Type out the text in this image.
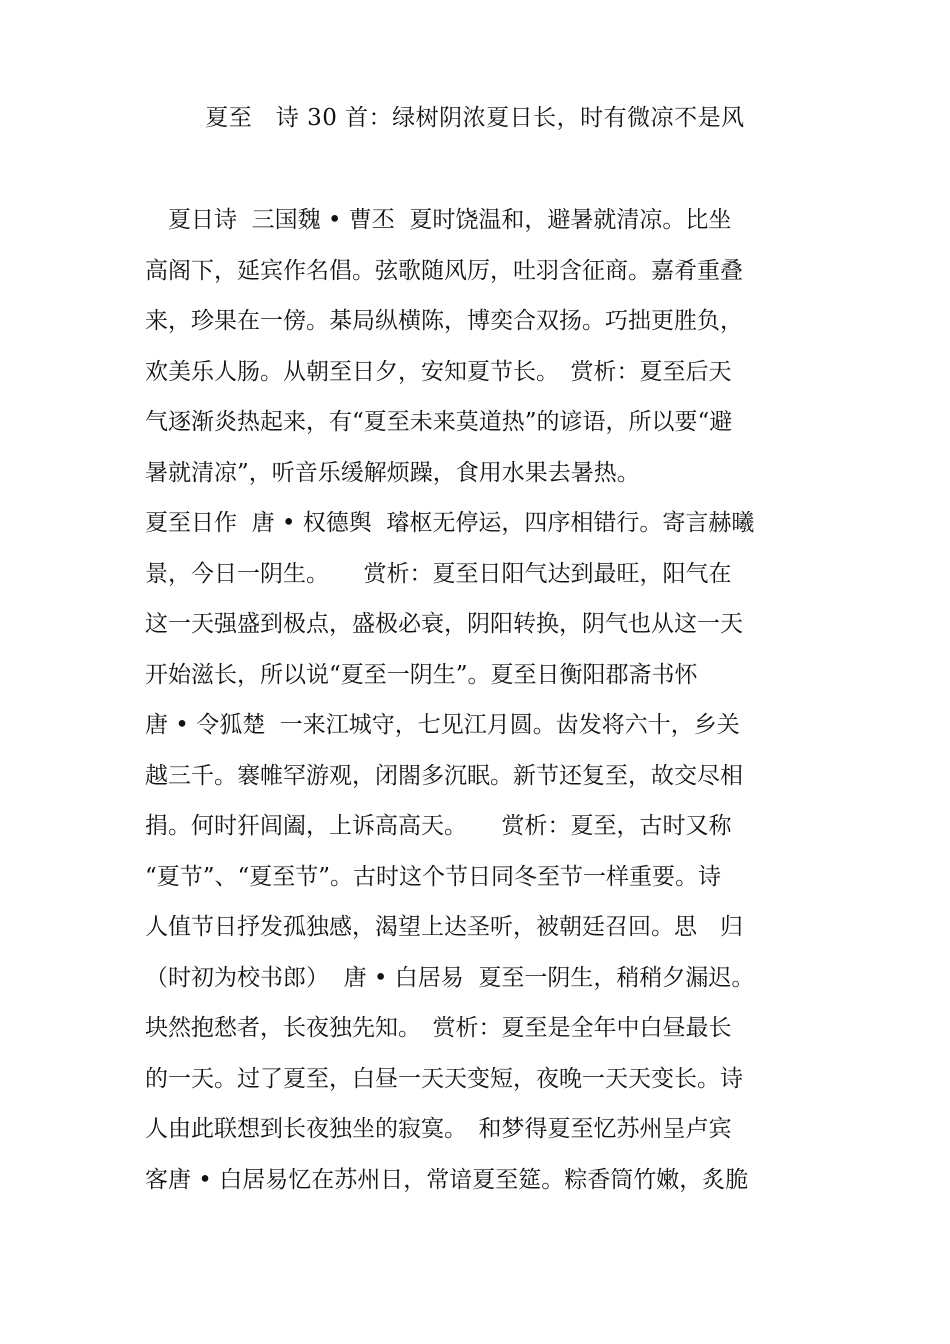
夏至　诗 30 首：绿树阴浓夏日长，时有微凉不是风
　夏日诗  三国魏 • 曹丕  夏时饶温和，避暑就清凉。比坐
高阁下，延宾作名倡。弦歌随风厉，吐羽含征商。嘉肴重叠
来，珍果在一傍。棊局纵横陈，博奕合双扬。巧拙更胜负，
欢美乐人肠。从朝至日夕，安知夏节长。　赏析：夏至后天
气逐渐炎热起来，有“夏至未来莫道热”的谚语，所以要“避
暑就清凉”，听音乐缓解烦躁，食用水果去暑热。
夏至日作  唐 • 权德舆  璿枢无停运，四序相错行。寄言赫曦
景，今日一阴生。　　赏析：夏至日阳气达到最旺，阳气在
这一天强盛到极点，盛极必衰，阴阳转换，阴气也从这一天
开始滋长，所以说“夏至一阴生”。夏至日衡阳郡斋书怀
唐 • 令狐楚  一来江城守，七见江月圆。齿发将六十，乡关
越三千。褰帷罕游观，闭閤多沉眠。新节还复至，故交尽相
捐。何时犴闾阖，上诉高高天。　　赏析：夏至，古时又称
“夏节”、“夏至节”。古时这个节日同冬至节一样重要。诗
人值节日抒发孤独感，渴望上达圣听，被朝廷召回。思　归
（时初为校书郎）  唐 • 白居易  夏至一阴生，稍稍夕漏迟。
块然抱愁者，长夜独先知。　赏析：夏至是全年中白昼最长
的一天。过了夏至，白昼一天天变短，夜晚一天天变长。诗
人由此联想到长夜独坐的寂寞。　和梦得夏至忆苏州呈卢宾
客唐 • 白居易忆在苏州日，常谙夏至筵。粽香筒竹嫩，炙脆
